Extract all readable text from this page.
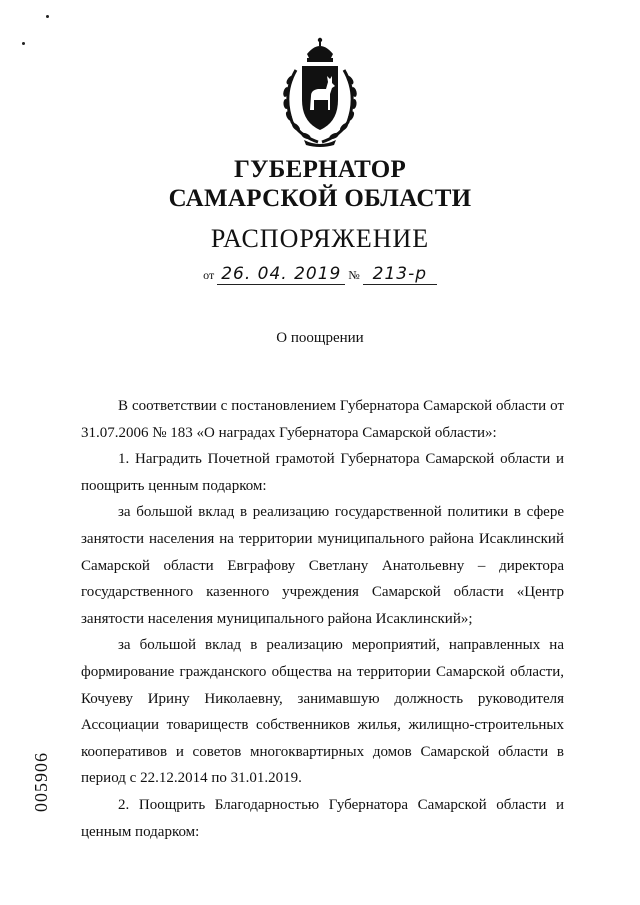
ГУБЕРНАТОР
САМАРСКОЙ ОБЛАСТИ
РАСПОРЯЖЕНИЕ
от 26. 04. 2019 № 213-р
О поощрении

В соответствии с постановлением Губернатора Самарской области от 31.07.2006 № 183 «О наградах Губернатора Самарской области»:

1. Наградить Почетной грамотой Губернатора Самарской области и поощрить ценным подарком:

за большой вклад в реализацию государственной политики в сфере занятости населения на территории муниципального района Исаклинский Самарской области Евграфову Светлану Анатольевну – директора государственного казенного учреждения Самарской области «Центр занятости населения муниципального района Исаклинский»;

за большой вклад в реализацию мероприятий, направленных на формирование гражданского общества на территории Самарской области, Кочуеву Ирину Николаевну, занимавшую должность руководителя Ассоциации товариществ собственников жилья, жилищно-строительных кооперативов и советов многоквартирных домов Самарской области в период с 22.12.2014 по 31.01.2019.

2. Поощрить Благодарностью Губернатора Самарской области и ценным подарком:

005906
